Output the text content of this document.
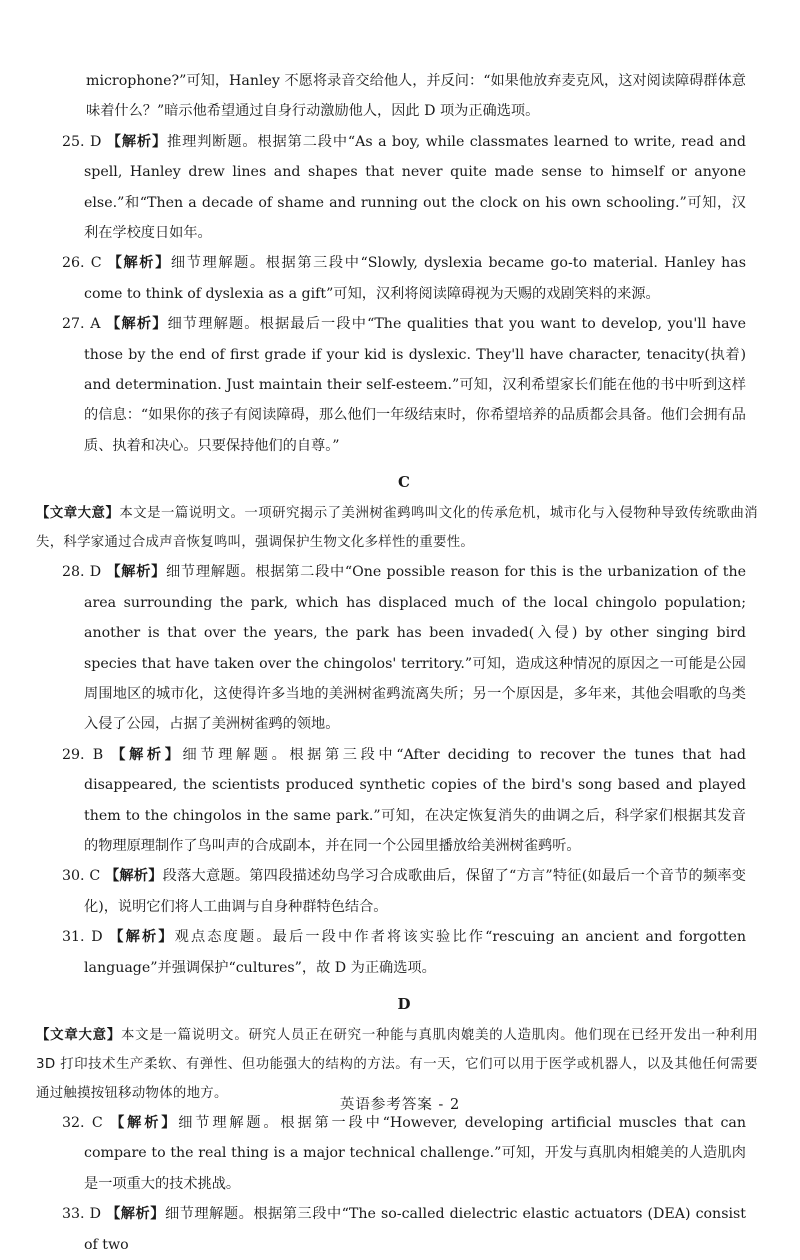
microphone?”可知，Hanley 不愿将录音交给他人，并反问：“如果他放弃麦克风，这对阅读障碍群体意味着什么？”暗示他希望通过自身行动激励他人，因此 D 项为正确选项。

25. D 【解析】推理判断题。根据第二段中“As a boy, while classmates learned to write, read and spell, Hanley drew lines and shapes that never quite made sense to himself or anyone else.”和“Then a decade of shame and running out the clock on his own schooling.”可知，汉利在学校度日如年。

26. C 【解析】细节理解题。根据第三段中“Slowly, dyslexia became go-to material. Hanley has come to think of dyslexia as a gift”可知，汉利将阅读障碍视为天赐的戏剧笑料的来源。

27. A 【解析】细节理解题。根据最后一段中“The qualities that you want to develop, you'll have those by the end of first grade if your kid is dyslexic. They'll have character, tenacity(执着) and determination. Just maintain their self-esteem.”可知，汉利希望家长们能在他的书中听到这样的信息：“如果你的孩子有阅读障碍，那么他们一年级结束时，你希望培养的品质都会具备。他们会拥有品质、执着和决心。只要保持他们的自尊。”

C

【文章大意】本文是一篇说明文。一项研究揭示了美洲树雀鹀鸣叫文化的传承危机，城市化与入侵物种导致传统歌曲消失，科学家通过合成声音恢复鸣叫，强调保护生物文化多样性的重要性。

28. D 【解析】细节理解题。根据第二段中“One possible reason for this is the urbanization of the area surrounding the park, which has displaced much of the local chingolo population; another is that over the years, the park has been invaded(入侵) by other singing bird species that have taken over the chingolos' territory.”可知，造成这种情况的原因之一可能是公园周围地区的城市化，这使得许多当地的美洲树雀鹀流离失所；另一个原因是，多年来，其他会唱歌的鸟类入侵了公园，占据了美洲树雀鹀的领地。

29. B 【解析】细节理解题。根据第三段中“After deciding to recover the tunes that had disappeared, the scientists produced synthetic copies of the bird's song based and played them to the chingolos in the same park.”可知，在决定恢复消失的曲调之后，科学家们根据其发音的物理原理制作了鸟叫声的合成副本，并在同一个公园里播放给美洲树雀鹀听。

30. C 【解析】段落大意题。第四段描述幼鸟学习合成歌曲后，保留了“方言”特征(如最后一个音节的频率变化)，说明它们将人工曲调与自身种群特色结合。

31. D 【解析】观点态度题。最后一段中作者将该实验比作“rescuing an ancient and forgotten language”并强调保护“cultures”，故 D 为正确选项。

D

【文章大意】本文是一篇说明文。研究人员正在研究一种能与真肌肉媲美的人造肌肉。他们现在已经开发出一种利用 3D 打印技术生产柔软、有弹性、但功能强大的结构的方法。有一天，它们可以用于医学或机器人，以及其他任何需要通过触摸按钮移动物体的地方。

32. C 【解析】细节理解题。根据第一段中“However, developing artificial muscles that can compare to the real thing is a major technical challenge.”可知，开发与真肌肉相媲美的人造肌肉是一项重大的技术挑战。

33. D 【解析】细节理解题。根据第三段中“The so-called dielectric elastic actuators (DEA) consist of two

英语参考答案 - 2
